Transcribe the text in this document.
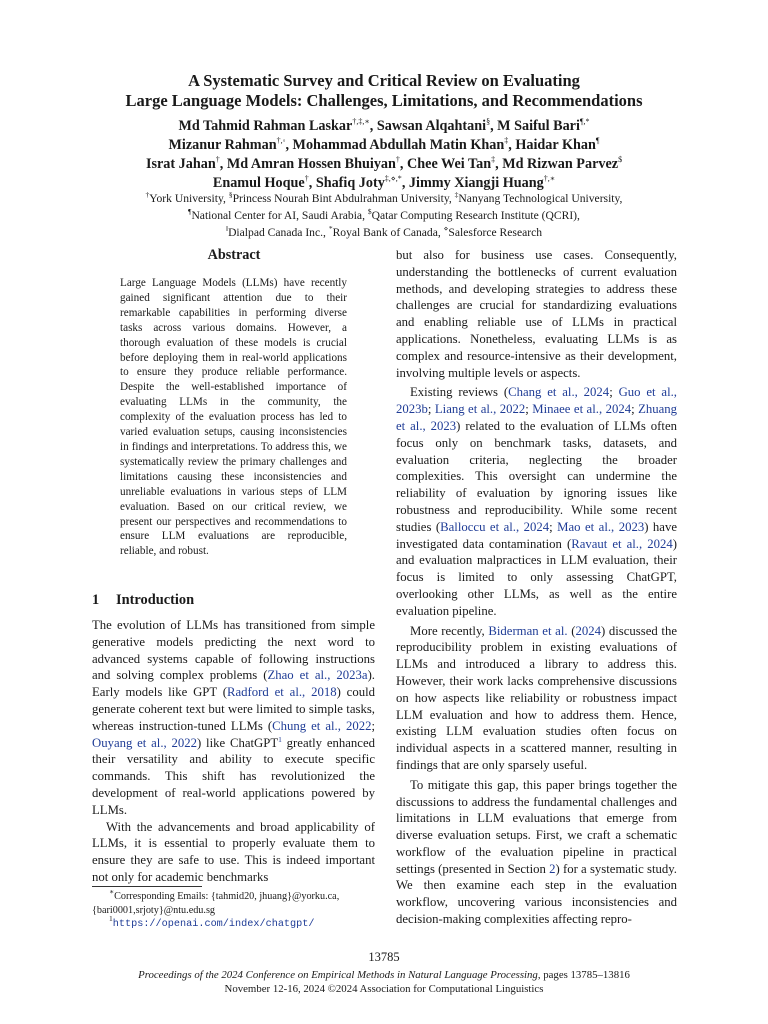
A Systematic Survey and Critical Review on Evaluating
Large Language Models: Challenges, Limitations, and Recommendations
Md Tahmid Rahman Laskar†,‡,∗, Sawsan Alqahtani§, M Saiful Bari¶,*
Mizanur Rahman†,◦, Mohammad Abdullah Matin Khan‡, Haidar Khan¶
Israt Jahan†, Md Amran Hossen Bhuiyan†, Chee Wei Tan‡, Md Rizwan Parvez$
Enamul Hoque†, Shafiq Joty‡,⋄,*, Jimmy Xiangji Huang†,∗
†York University, §Princess Nourah Bint Abdulrahman University, ‡Nanyang Technological University,
¶National Center for AI, Saudi Arabia, $Qatar Computing Research Institute (QCRI),
‖Dialpad Canada Inc., *Royal Bank of Canada, ⋄Salesforce Research
Abstract
Large Language Models (LLMs) have recently gained significant attention due to their remarkable capabilities in performing diverse tasks across various domains. However, a thorough evaluation of these models is crucial before deploying them in real-world applications to ensure they produce reliable performance. Despite the well-established importance of evaluating LLMs in the community, the complexity of the evaluation process has led to varied evaluation setups, causing inconsistencies in findings and interpretations. To address this, we systematically review the primary challenges and limitations causing these inconsistencies and unreliable evaluations in various steps of LLM evaluation. Based on our critical review, we present our perspectives and recommendations to ensure LLM evaluations are reproducible, reliable, and robust.
1 Introduction

The evolution of LLMs has transitioned from simple generative models predicting the next word to advanced systems capable of following instructions and solving complex problems (Zhao et al., 2023a). Early models like GPT (Radford et al., 2018) could generate coherent text but were limited to simple tasks, whereas instruction-tuned LLMs (Chung et al., 2022; Ouyang et al., 2022) like ChatGPT$^1$ greatly enhanced their versatility and ability to execute specific commands. This shift has revolutionized the development of real-world applications powered by LLMs.

With the advancements and broad applicability of LLMs, it is essential to properly evaluate them to ensure they are safe to use. This is indeed important not only for academic benchmarks

but also for business use cases. Consequently, understanding the bottlenecks of current evaluation methods, and developing strategies to address these challenges are crucial for standardizing evaluations and enabling reliable use of LLMs in practical applications. Nonetheless, evaluating LLMs is as complex and resource-intensive as their development, involving multiple levels or aspects.

Existing reviews (Chang et al., 2024; Guo et al., 2023b; Liang et al., 2022; Minaee et al., 2024; Zhuang et al., 2023) related to the evaluation of LLMs often focus only on benchmark tasks, datasets, and evaluation criteria, neglecting the broader complexities. This oversight can undermine the reliability of evaluation by ignoring issues like robustness and reproducibility. While some recent studies (Balloccu et al., 2024; Mao et al., 2023) have investigated data contamination (Ravaut et al., 2024) and evaluation malpractices in LLM evaluation, their focus is limited to only assessing ChatGPT, overlooking other LLMs, as well as the entire evaluation pipeline.

More recently, Biderman et al. (2024) discussed the reproducibility problem in existing evaluations of LLMs and introduced a library to address this. However, their work lacks comprehensive discussions on how aspects like reliability or robustness impact LLM evaluation and how to address them. Hence, existing LLM evaluation studies often focus on individual aspects in a scattered manner, resulting in findings that are only sparsely useful.

To mitigate this gap, this paper brings together the discussions to address the fundamental challenges and limitations in LLM evaluations that emerge from diverse evaluation setups. First, we craft a schematic workflow of the evaluation pipeline in practical settings (presented in Section 2) for a systematic study. We then examine each step in the evaluation workflow, uncovering various inconsistencies and decision-making complexities affecting repro-

∗Corresponding Emails: {tahmid20, jhuang}@yorku.ca,
{bari0001,srjoty}@ntu.edu.sg
$^1$https://openai.com/index/chatgpt/
13785
Proceedings of the 2024 Conference on Empirical Methods in Natural Language Processing, pages 13785–13816
November 12-16, 2024 ©2024 Association for Computational Linguistics
